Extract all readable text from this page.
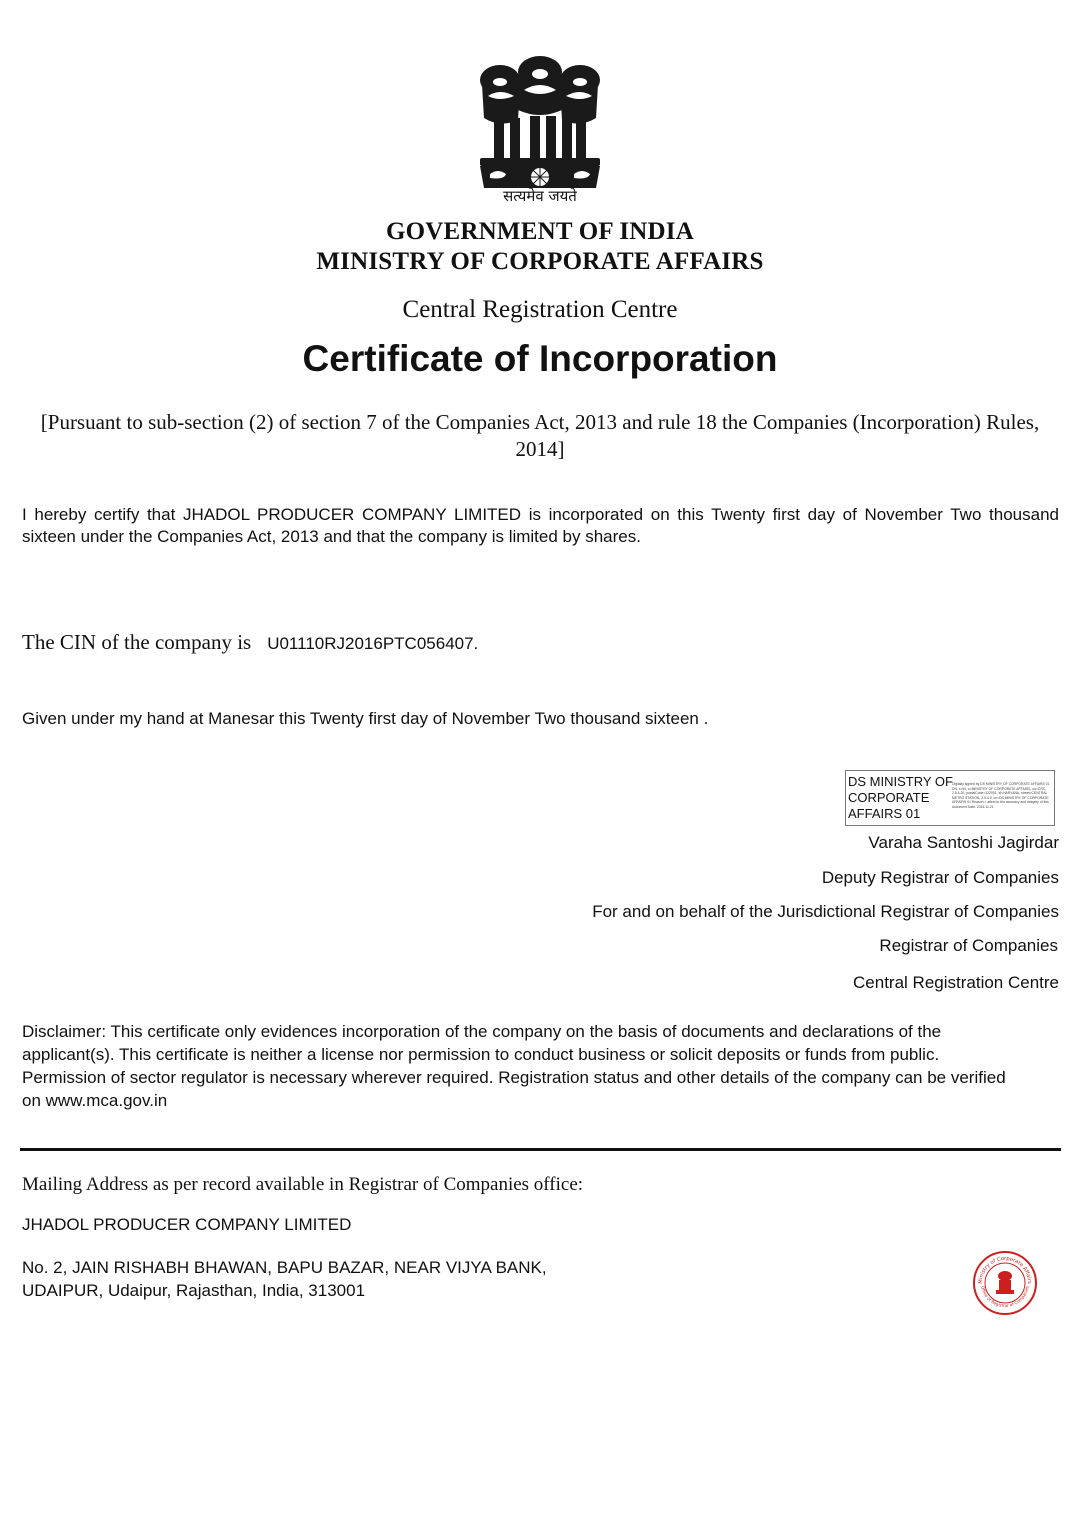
सत्यमेव जयते
GOVERNMENT OF INDIA
MINISTRY OF CORPORATE AFFAIRS
Central Registration Centre
Certificate of Incorporation
[Pursuant to sub-section (2) of section 7 of the Companies Act, 2013 and rule 18 the Companies (Incorporation) Rules, 2014]
I hereby certify that JHADOL PRODUCER COMPANY LIMITED is incorporated on this Twenty first day of November Two thousand sixteen under the Companies Act, 2013 and that the company is limited by shares.
The CIN of the company is U01110RJ2016PTC056407.
Given under my hand at Manesar this Twenty first day of November Two thousand sixteen .
DS MINISTRY OF CORPORATE AFFAIRS 01
Digitally signed by DS MINISTRY OF CORPORATE AFFAIRS 01 DN: c=IN, o=MINISTRY OF CORPORATE AFFAIRS, ou=CRC, 2.5.4.20, postalCode=122051, st=HARYANA, street=CENTRAL METRO STATION, 2.5.4.5, cn=DS MINISTRY OF CORPORATE AFFAIRS 01 Reason: I attest to the accuracy and integrity of this document Date: 2016.11.21
Varaha Santoshi Jagirdar
Deputy Registrar of Companies
For and on behalf of the Jurisdictional Registrar of Companies
Registrar of Companies
Central Registration Centre
Disclaimer: This certificate only evidences incorporation of the company on the basis of documents and declarations of the applicant(s). This certificate is neither a license nor permission to conduct business or solicit deposits or funds from public. Permission of sector regulator is necessary wherever required. Registration status and other details of the company can be verified on www.mca.gov.in
Mailing Address as per record available in Registrar of Companies office:
JHADOL PRODUCER COMPANY LIMITED
No. 2, JAIN RISHABH BHAWAN, BAPU BAZAR, NEAR VIJYA BANK,
UDAIPUR, Udaipur, Rajasthan, India, 313001	Ministry of Corporate Affairs
Office of Registrar of Companies
